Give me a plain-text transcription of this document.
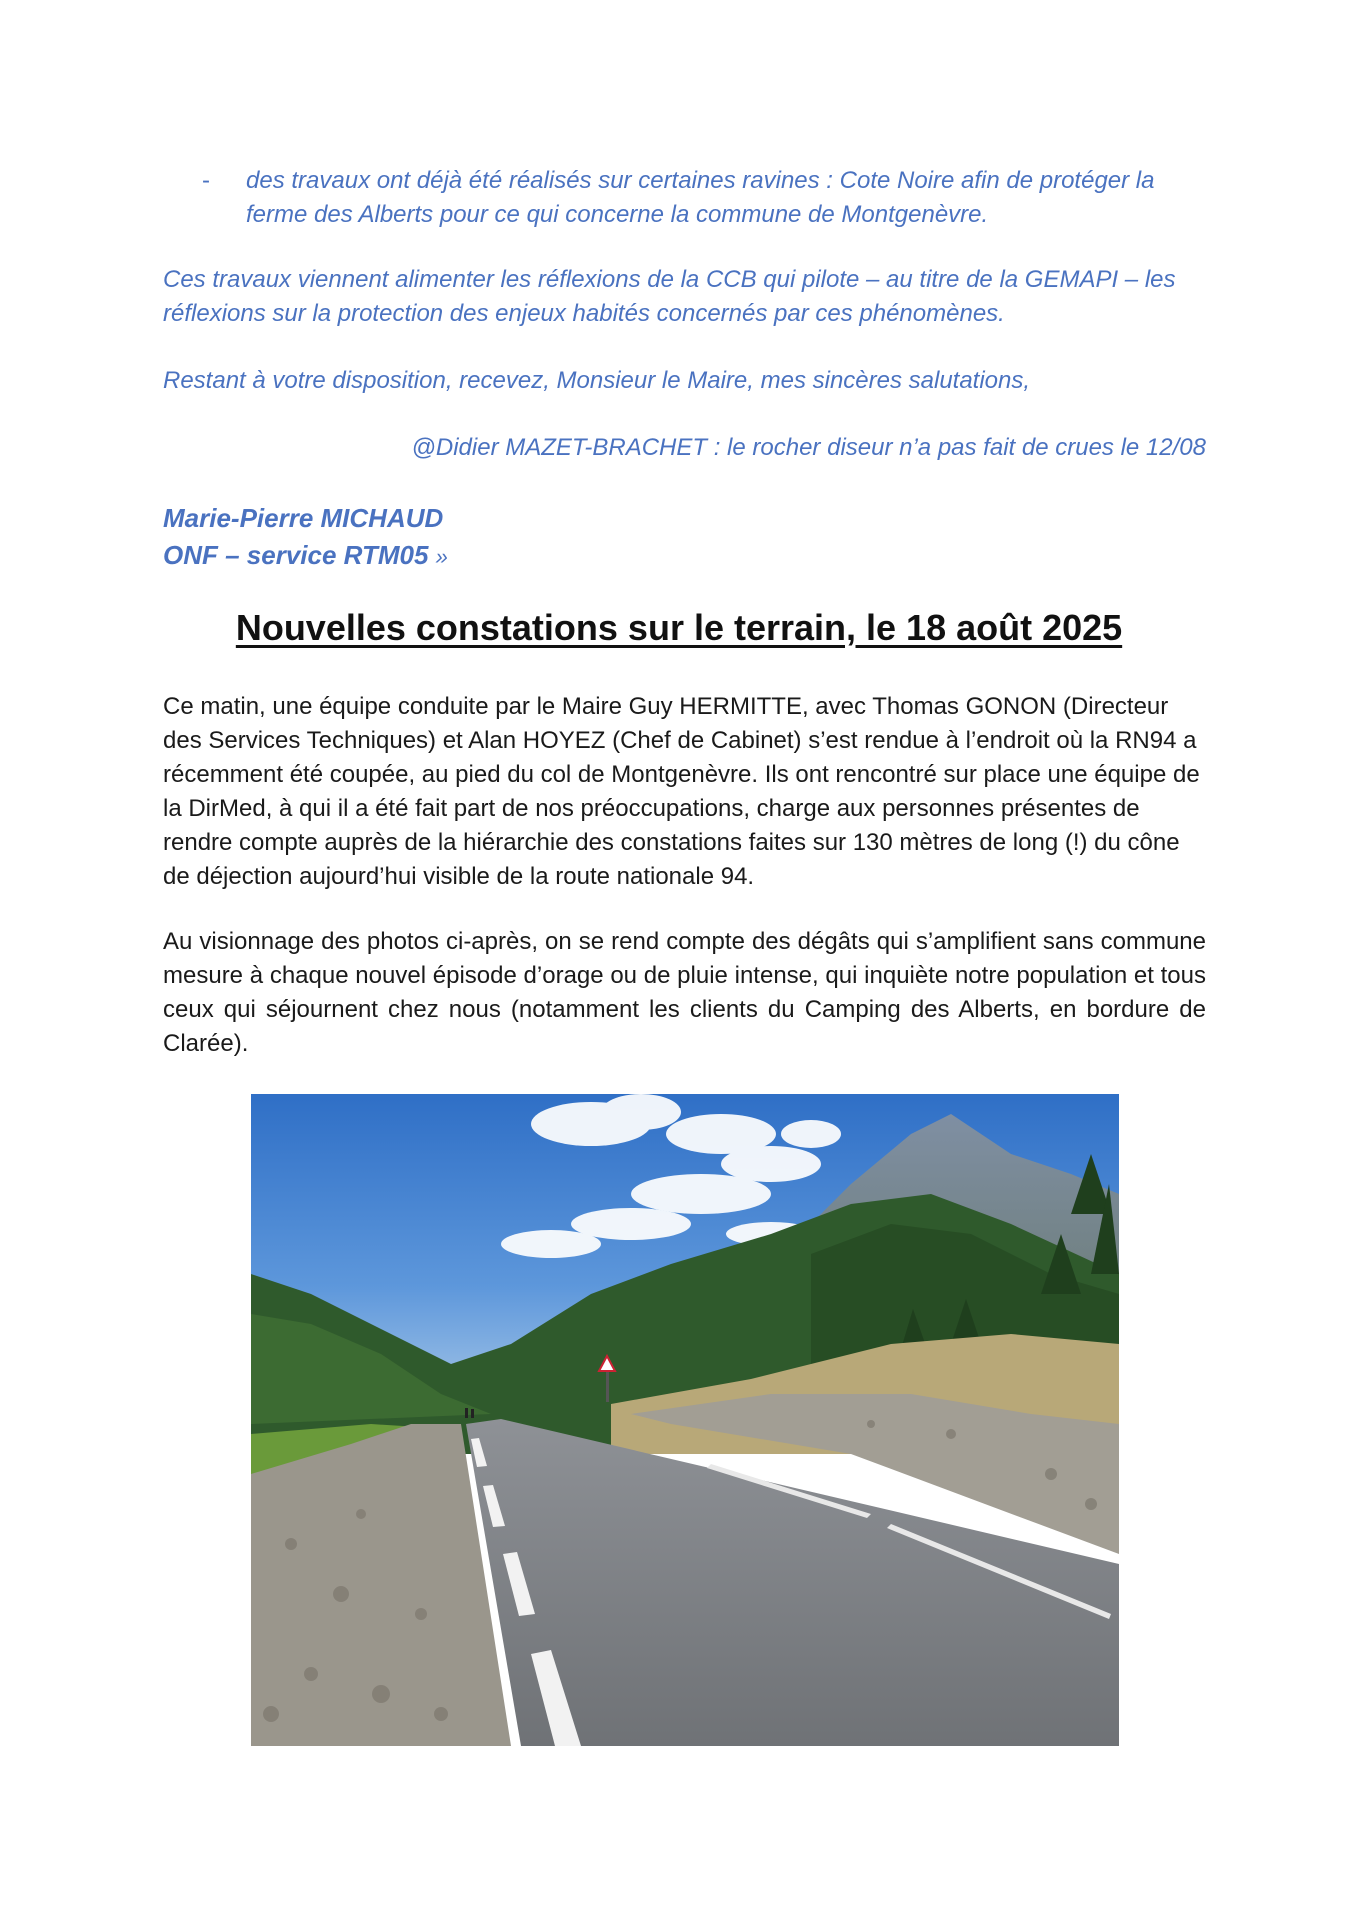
- des travaux ont déjà été réalisés sur certaines ravines : Cote Noire afin de protéger la ferme des Alberts pour ce qui concerne la commune de Montgenèvre.
Ces travaux viennent alimenter les réflexions de la CCB qui pilote – au titre de la GEMAPI – les réflexions sur la protection des enjeux habités concernés par ces phénomènes.
Restant à votre disposition, recevez, Monsieur le Maire, mes sincères salutations,
@Didier MAZET-BRACHET : le rocher diseur n’a pas fait de crues le 12/08
Marie-Pierre MICHAUD
ONF – service RTM05 »
Nouvelles constations sur le terrain, le 18 août 2025
Ce matin, une équipe conduite par le Maire Guy HERMITTE, avec Thomas GONON (Directeur des Services Techniques) et Alan HOYEZ (Chef de Cabinet) s’est rendue à l’endroit où la RN94 a récemment été coupée, au pied du col de Montgenèvre. Ils ont rencontré sur place une équipe de la DirMed, à qui il a été fait part de nos préoccupations, charge aux personnes présentes de rendre compte auprès de la hiérarchie des constations faites sur 130 mètres de long (!) du cône de déjection aujourd’hui visible de la route nationale 94.
Au visionnage des photos ci-après, on se rend compte des dégâts qui s’amplifient sans commune mesure à chaque nouvel épisode d’orage ou de pluie intense, qui inquiète notre population et tous ceux qui séjournent chez nous (notamment les clients du Camping des Alberts, en bordure de Clarée).
